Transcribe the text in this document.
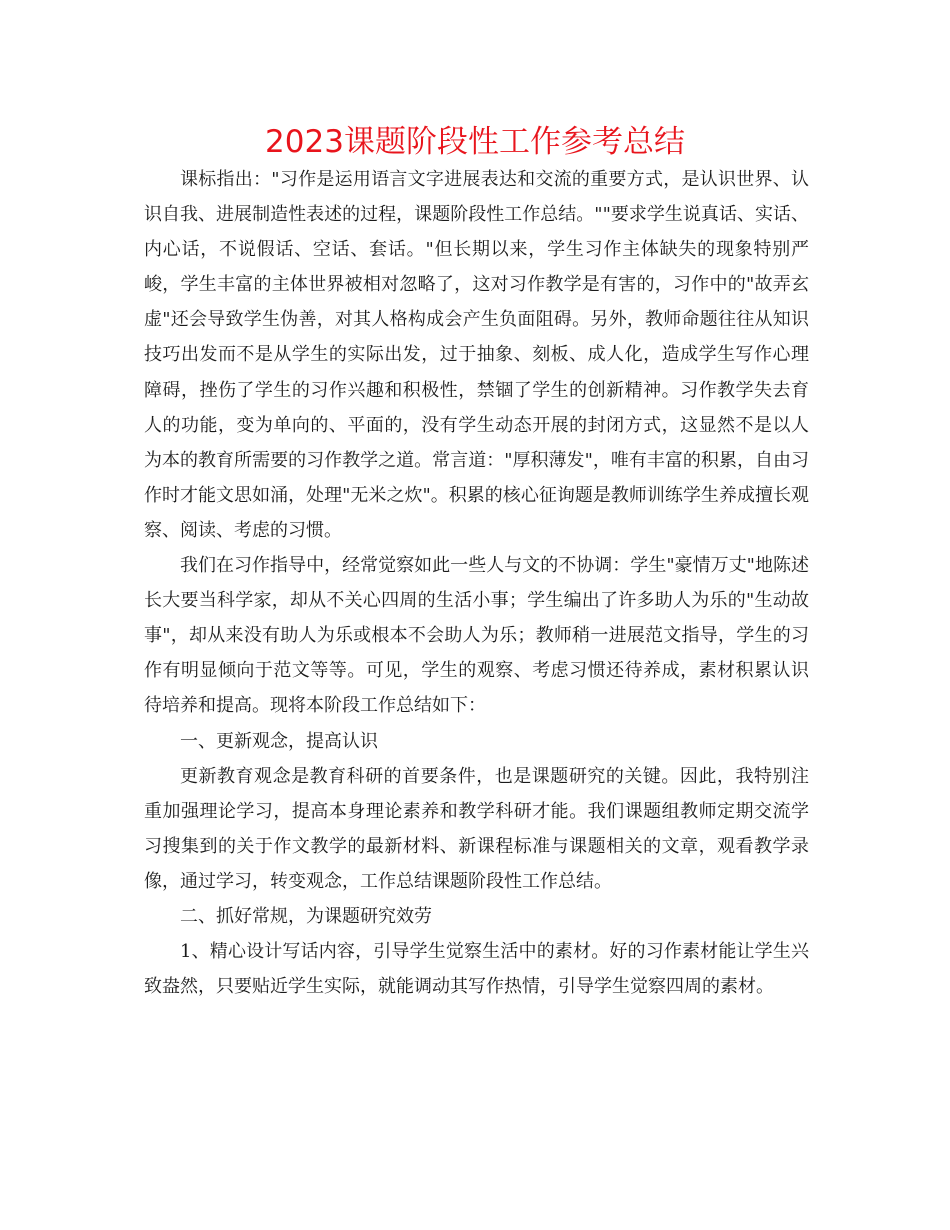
2023课题阶段性工作参考总结

课标指出："习作是运用语言文字进展表达和交流的重要方式，是认识世界、认识自我、进展制造性表述的过程，课题阶段性工作总结。""要求学生说真话、实话、内心话，不说假话、空话、套话。"但长期以来，学生习作主体缺失的现象特别严峻，学生丰富的主体世界被相对忽略了，这对习作教学是有害的，习作中的"故弄玄虚"还会导致学生伪善，对其人格构成会产生负面阻碍。另外，教师命题往往从知识技巧出发而不是从学生的实际出发，过于抽象、刻板、成人化，造成学生写作心理障碍，挫伤了学生的习作兴趣和积极性，禁锢了学生的创新精神。习作教学失去育人的功能，变为单向的、平面的，没有学生动态开展的封闭方式，这显然不是以人为本的教育所需要的习作教学之道。常言道："厚积薄发"，唯有丰富的积累，自由习作时才能文思如涌，处理"无米之炊"。积累的核心征询题是教师训练学生养成擅长观察、阅读、考虑的习惯。

我们在习作指导中，经常觉察如此一些人与文的不协调：学生"豪情万丈"地陈述长大要当科学家，却从不关心四周的生活小事；学生编出了许多助人为乐的"生动故事"，却从来没有助人为乐或根本不会助人为乐；教师稍一进展范文指导，学生的习作有明显倾向于范文等等。可见，学生的观察、考虑习惯还待养成，素材积累认识待培养和提高。现将本阶段工作总结如下：

一、更新观念，提高认识

更新教育观念是教育科研的首要条件，也是课题研究的关键。因此，我特别注重加强理论学习，提高本身理论素养和教学科研才能。我们课题组教师定期交流学习搜集到的关于作文教学的最新材料、新课程标准与课题相关的文章，观看教学录像，通过学习，转变观念，工作总结课题阶段性工作总结。

二、抓好常规，为课题研究效劳

1、精心设计写话内容，引导学生觉察生活中的素材。好的习作素材能让学生兴致盎然，只要贴近学生实际，就能调动其写作热情，引导学生觉察四周的素材。
